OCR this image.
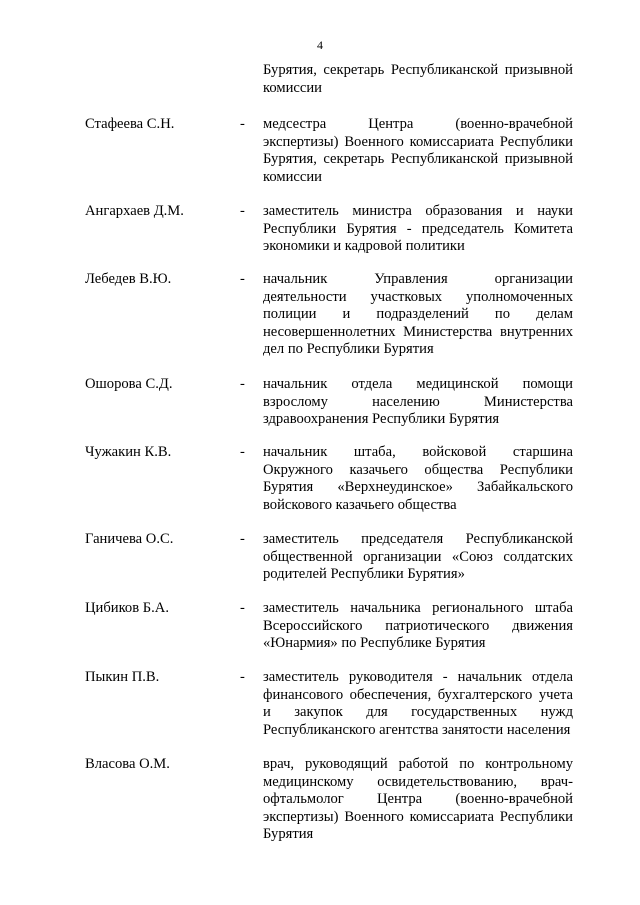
4
Бурятия, секретарь Республиканской призывной
комиссии
Стафеева С.Н.	- медсестра Центра (военно-врачебной
экспертизы) Военного комиссариата Республики
Бурятия, секретарь Республиканской призывной
комиссии
Ангархаев Д.М.	- заместитель министра образования и науки
Республики Бурятия - председатель Комитета
экономики и кадровой политики
Лебедев В.Ю.	- начальник Управления организации
деятельности участковых уполномоченных
полиции и подразделений по делам
несовершеннолетних Министерства внутренних
дел по Республики Бурятия
Ошорова С.Д.	- начальник отдела медицинской помощи
взрослому населению Министерства
здравоохранения Республики Бурятия
Чужакин К.В.	- начальник штаба, войсковой старшина
Окружного казачьего общества Республики
Бурятия «Верхнеудинское» Забайкальского
войскового казачьего общества
Ганичева О.С.	- заместитель председателя Республиканской
общественной организации «Союз солдатских
родителей Республики Бурятия»
Цибиков Б.А.	- заместитель начальника регионального штаба
Всероссийского патриотического движения
«Юнармия» по Республике Бурятия
Пыкин П.В.	- заместитель руководителя - начальник отдела
финансового обеспечения, бухгалтерского учета
и закупок для государственных нужд
Республиканского агентства занятости населения
Власова О.М.	врач, руководящий работой по контрольному
медицинскому освидетельствованию, врач-
офтальмолог Центра (военно-врачебной
экспертизы) Военного комиссариата Республики
Бурятия
